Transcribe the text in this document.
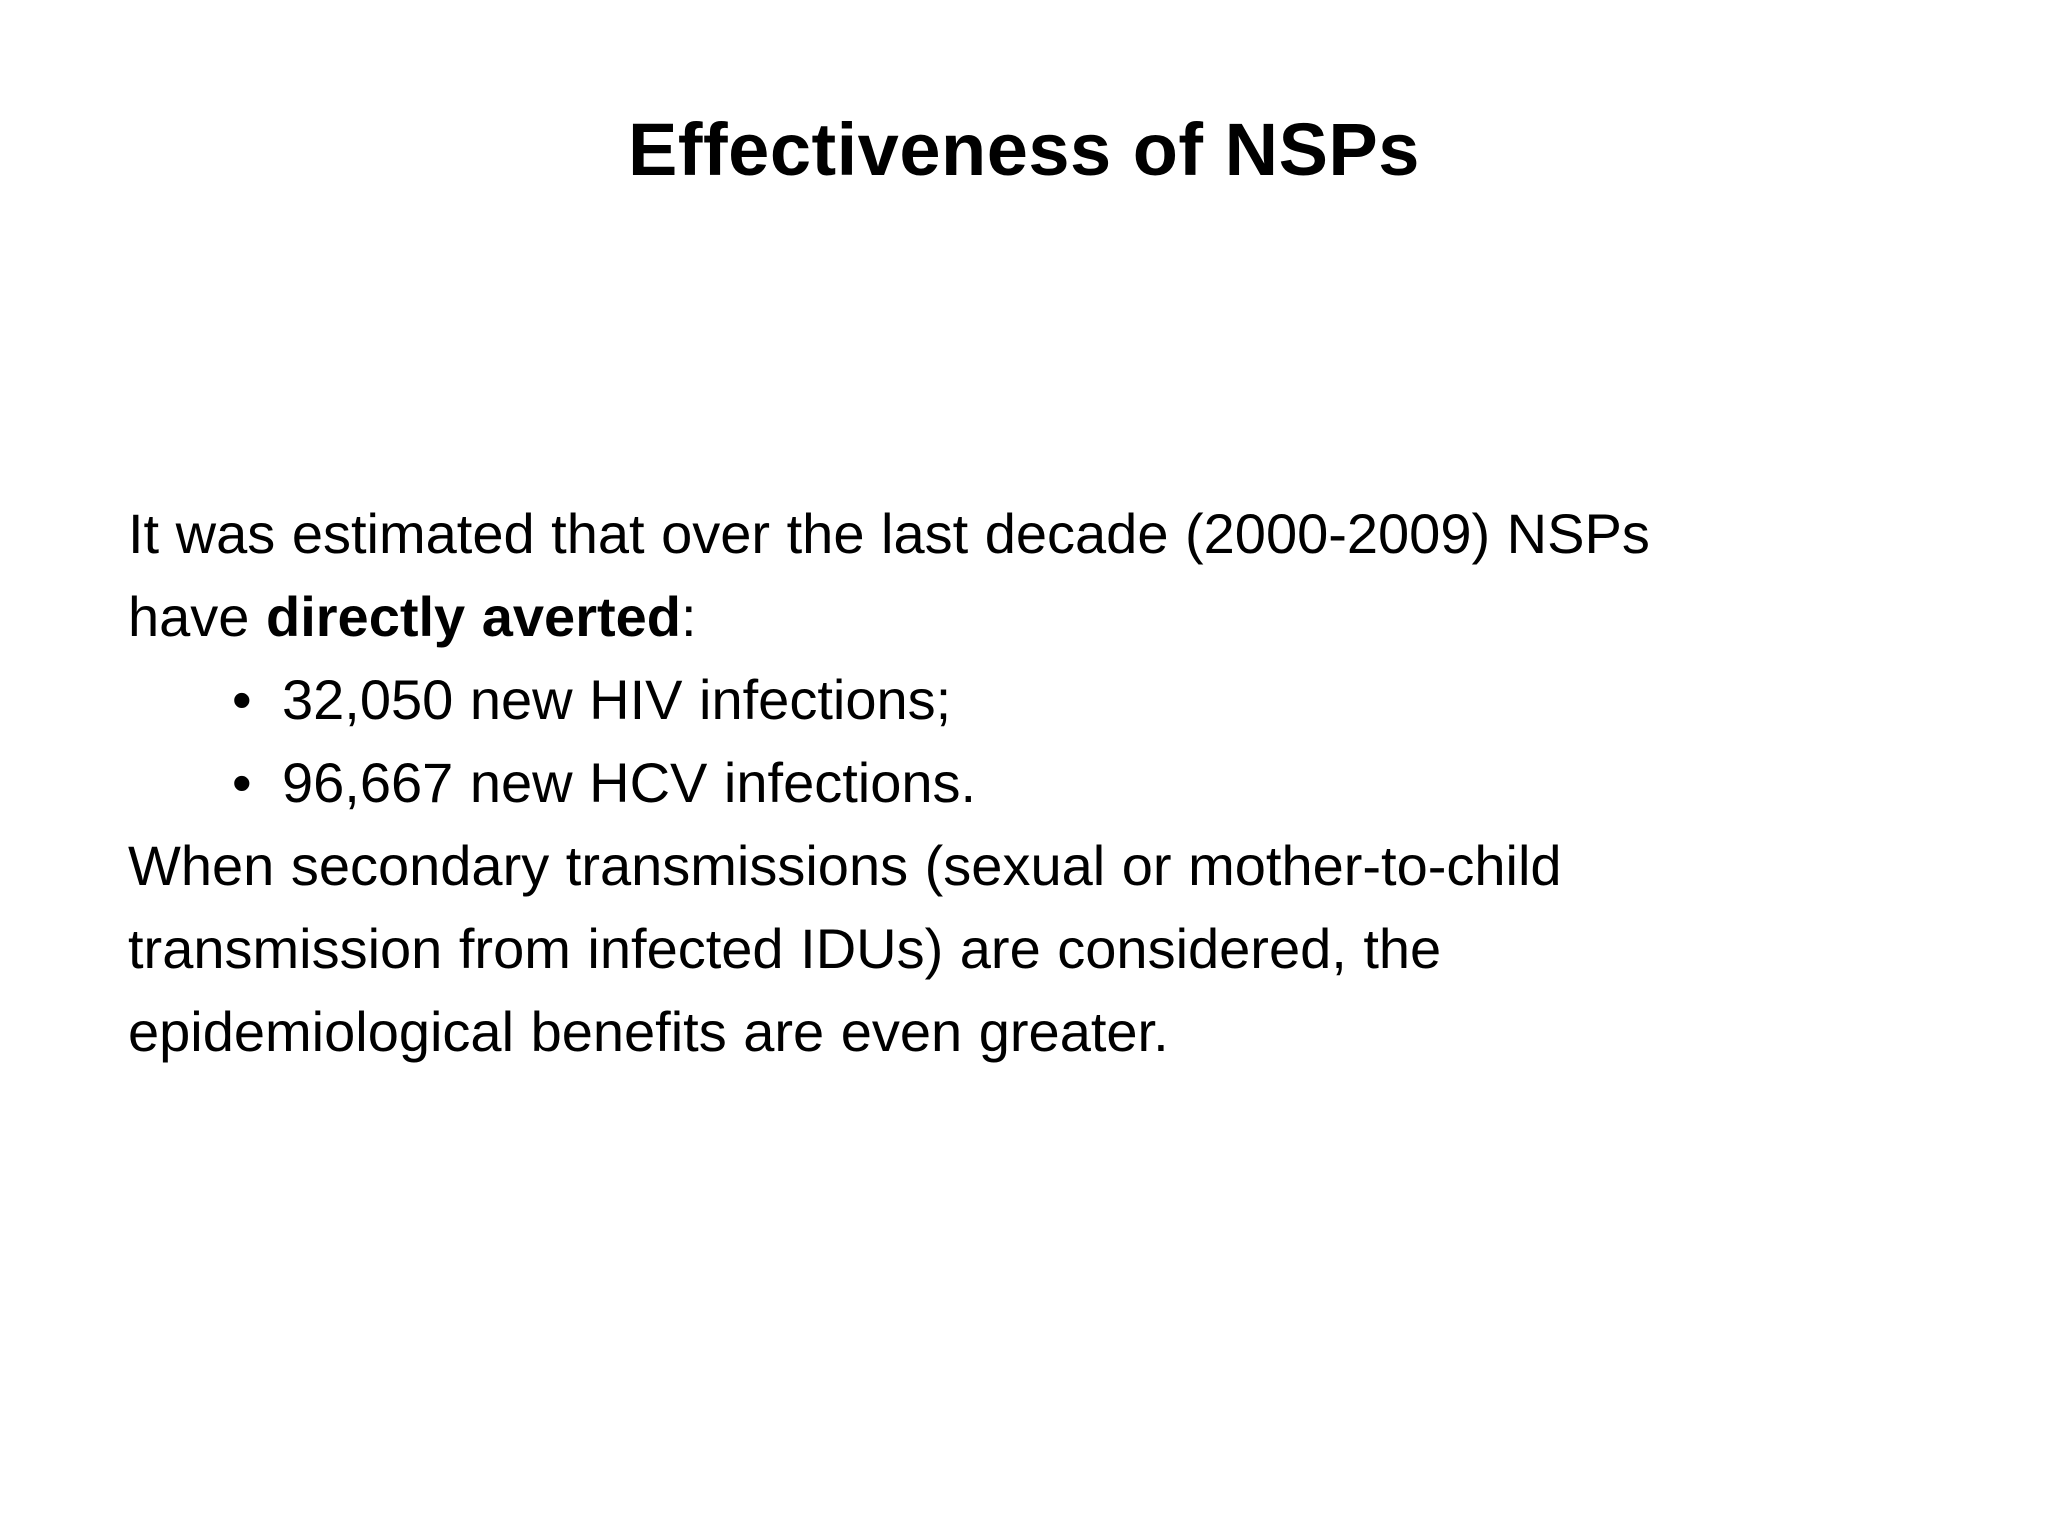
Effectiveness of NSPs
It was estimated that over the last decade (2000-2009) NSPs
have directly averted:
• 32,050 new HIV infections;
• 96,667 new HCV infections.
When secondary transmissions (sexual or mother-to-child
transmission from infected IDUs) are considered, the
epidemiological benefits are even greater.
